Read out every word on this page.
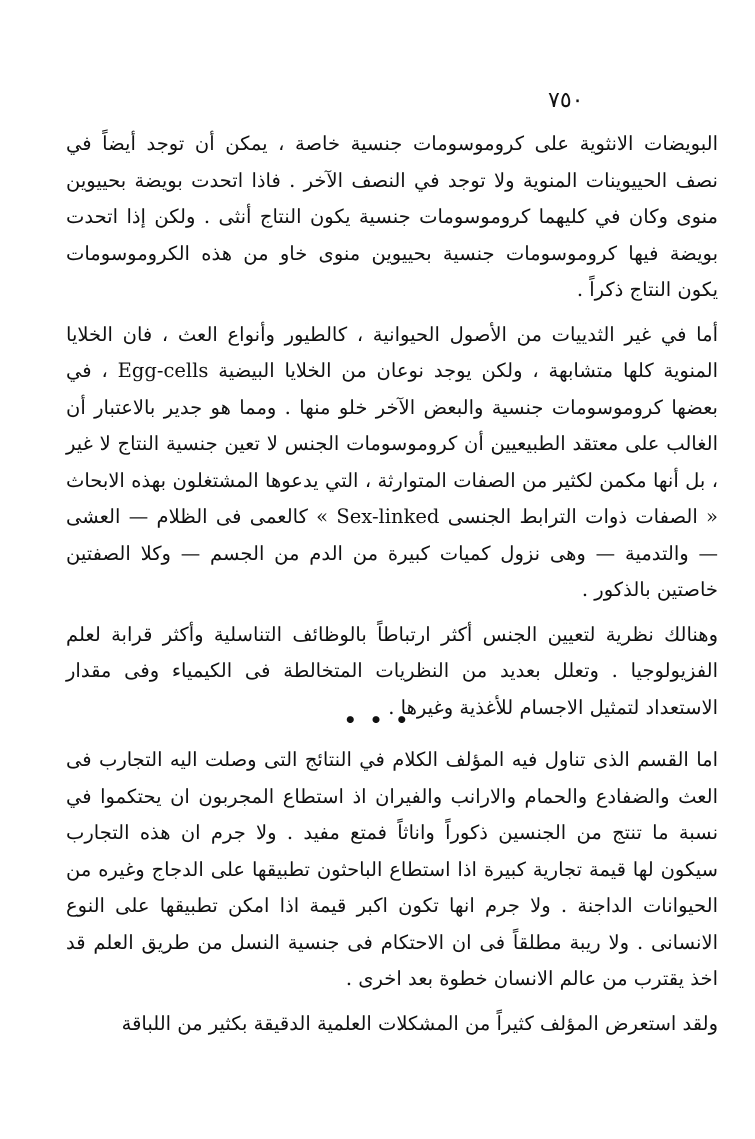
٧٥٠

البويضات الانثوية على كروموسومات جنسية خاصة ، يمكن أن توجد أيضاً في نصف الحييوينات المنوية ولا توجد في النصف الآخر . فاذا اتحدت بويضة بحييوين منوى وكان في كليهما كروموسومات جنسية يكون النتاج أنثى . ولكن إذا اتحدت بويضة فيها كروموسومات جنسية بحييوين منوى خاو من هذه الكروموسومات يكون النتاج ذكراً .

أما في غير الثدييات من الأصول الحيوانية ، كالطيور وأنواع العث ، فان الخلايا المنوية كلها متشابهة ، ولكن يوجد نوعان من الخلايا البيضية Egg-cells ، في بعضها كروموسومات جنسية والبعض الآخر خلو منها . ومما هو جدير بالاعتبار أن الغالب على معتقد الطبيعيين أن كروموسومات الجنس لا تعين جنسية النتاج لا غير ، بل أنها مكمن لكثير من الصفات المتوارثة ، التي يدعوها المشتغلون بهذه الابحاث « الصفات ذوات الترابط الجنسى Sex-linked » كالعمى فى الظلام — العشى — والتدمية — وهى نزول كميات كبيرة من الدم من الجسم — وكلا الصفتين خاصتين بالذكور .

وهنالك نظرية لتعيين الجنس أكثر ارتباطاً بالوظائف التناسلية وأكثر قرابة لعلم الفزيولوجيا . وتعلل بعديد من النظريات المتخالطة فى الكيمياء وفى مقدار الاستعداد لتمثيل الاجسام للأغذية وغيرها .

• • •

اما القسم الذى تناول فيه المؤلف الكلام في النتائج التى وصلت اليه التجارب فى العث والضفادع والحمام والارانب والفيران اذ استطاع المجربون ان يحتكموا في نسبة ما تنتج من الجنسين ذكوراً واناثاً فمتع مفيد . ولا جرم ان هذه التجارب سيكون لها قيمة تجارية كبيرة اذا استطاع الباحثون تطبيقها على الدجاج وغيره من الحيوانات الداجنة . ولا جرم انها تكون اكبر قيمة اذا امكن تطبيقها على النوع الانسانى . ولا ريبة مطلقاً فى ان الاحتكام فى جنسية النسل من طريق العلم قد اخذ يقترب من عالم الانسان خطوة بعد اخرى .

ولقد استعرض المؤلف كثيراً من المشكلات العلمية الدقيقة بكثير من اللباقة
